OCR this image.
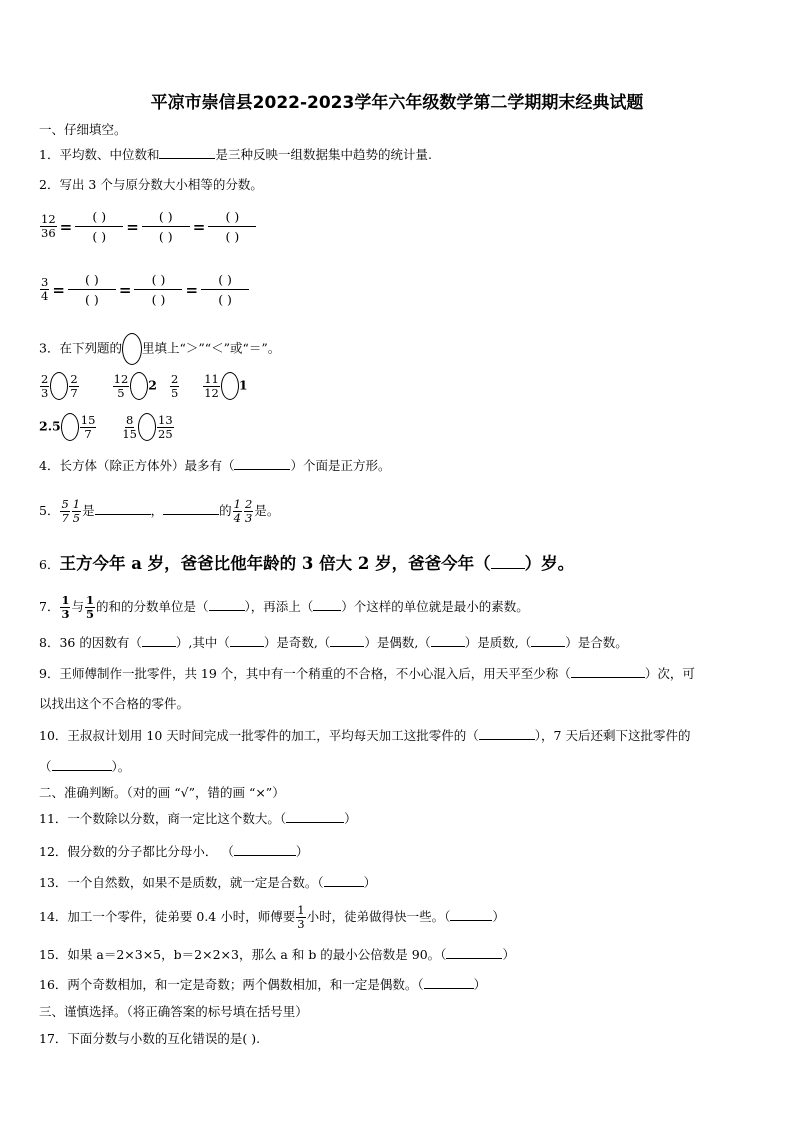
平凉市崇信县2022-2023学年六年级数学第二学期期末经典试题
一、仔细填空。
1．平均数、中位数和	是三种反映一组数据集中趋势的统计量.
2．写出 3 个与原分数大小相等的分数。
$\frac{12}{36}$ =
( )
( )
=
( )
( )
=
( )
( )
$\frac{3}{4}$ =
( )
( )
=
( )
( )
=
( )
( )
3．在下列题的 里填上“＞”“＜”或“＝”。
$\frac{2}{3} \frac{2}{7}$
	$\frac{12}{5} 2 \frac{2}{5}$
$\frac{11}{12} 1$
$2.5 \frac{15}{7}$
$\frac{8}{15} \frac{13}{25}$
4．长方体（除正方体外）最多有（	）个面是正方形。
5． $\frac{5}{7} \frac{1}{5}$ 是	，	的 $\frac{1}{4} \frac{2}{3}$ 是。
6．王方今年 a 岁，爸爸比他年龄的 3 倍大 2 岁，爸爸今年（ ）岁。
7． $\frac{1}{3}$ 与 $\frac{1}{5}$ 的和的分数单位是（	），再添上（ ）个这样的单位就是最小的素数。
8．36 的因数有（	）,其中（	）是奇数,（	）是偶数,（	）是质数,（	）是合数。
9．王师傅制作一批零件，共 19 个，其中有一个稍重的不合格，不小心混入后，用天平至少称（	）次，可
以找出这个不合格的零件。
10．王叔叔计划用 10 天时间完成一批零件的加工，平均每天加工这批零件的（	），7 天后还剩下这批零件的
（	）。
二、准确判断。（对的画 “√”，错的画 “×”）
11．一个数除以分数，商一定比这个数大。（	）
12．假分数的分子都比分母小． （	）
13．一个自然数，如果不是质数，就一定是合数。（	）
14．加工一个零件，徒弟要 0.4 小时，师傅要 $\frac{1}{3}$ 小时，徒弟做得快一些。（	）
15．如果 a＝2×3×5，b＝2×2×3，那么 a 和 b 的最小公倍数是 90。（	）
16．两个奇数相加，和一定是奇数；两个偶数相加，和一定是偶数。（	）
三、谨慎选择。（将正确答案的标号填在括号里）
17．下面分数与小数的互化错误的是( ).
